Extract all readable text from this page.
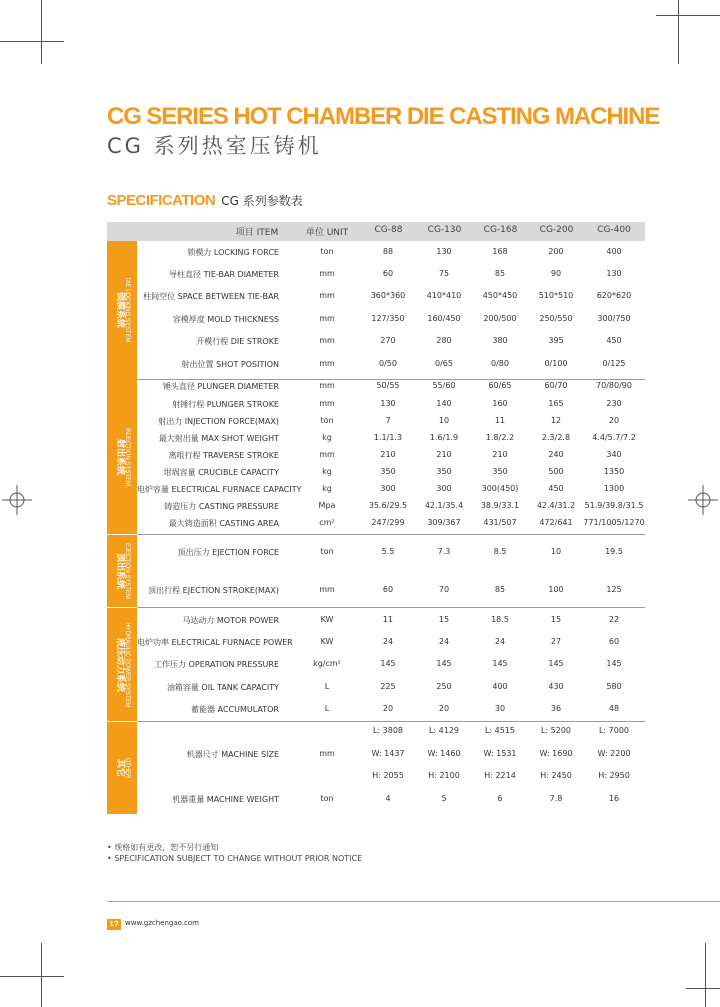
CG SERIES HOT CHAMBER DIE CASTING MACHINE
CG 系列热室压铸机
SPECIFICATION CG 系列参数表
项目 ITEM	单位 UNIT	CG-88	CG-130	CG-168	CG-200	CG-400
DIE LOCKING SYSTEM
锁模系统
INJECTION SYSTEM
射出系统
EJECTION SYSTEM
顶出系统
HYDRAULIC POWER SYSTEM
液压动力系统
OTHER
其它
锁模力 LOCKING FORCE	ton	88	130	168	200	400
导柱直径 TIE-BAR DIAMETER	mm	60	75	85	90	130
柱间空位 SPACE BETWEEN TIE-BAR	mm	360*360	410*410	450*450	510*510	620*620
容模厚度 MOLD THICKNESS	mm	127/350	160/450	200/500	250/550	300/750
开模行程 DIE STROKE	mm	270	280	380	395	450
射出位置 SHOT POSITION	mm	0/50	0/65	0/80	0/100	0/125
锤头直径 PLUNGER DIAMETER	mm	50/55	55/60	60/65	60/70	70/80/90
射锤行程 PLUNGER STROKE	mm	130	140	160	165	230
射出力 INJECTION FORCE(MAX)	ton	7	10	11	12	20
最大射出量 MAX SHOT WEIGHT	kg	1.1/1.3	1.6/1.9	1.8/2.2	2.3/2.8	4.4/5.7/7.2
离咀行程 TRAVERSE STROKE	mm	210	210	210	240	340
坩埚容量 CRUCIBLE CAPACITY	kg	350	350	350	500	1350
电炉容量 ELECTRICAL FURNACE CAPACITY	kg	300	300	300(450)	450	1300
铸造压力 CASTING PRESSURE	Mpa	35.6/29.5	42.1/35.4	38.9/33.1	42.4/31.2	51.9/39.8/31.5
最大铸造面积 CASTING AREA	cm²	247/299	309/367	431/507	472/641	771/1005/1270
顶出压力 EJECTION FORCE	ton	5.5	7.3	8.5	10	19.5
顶出行程 EJECTION STROKE(MAX)	mm	60	70	85	100	125
马达动力 MOTOR POWER	KW	11	15	18.5	15	22
电炉功率 ELECTRICAL FURNACE POWER	KW	24	24	24	27	60
工作压力 OPERATION PRESSURE	kg/cm²	145	145	145	145	145
油箱容量 OIL TANK CAPACITY	L	225	250	400	430	580
蓄能器 ACCUMULATOR	L	20	20	30	36	48
L: 3808	L: 4129	L: 4515	L: 5200	L: 7000
机器尺寸 MACHINE SIZE	mm	W: 1437	W: 1460	W: 1531	W: 1690	W: 2200
H: 2055	H: 2100	H: 2214	H: 2450	H: 2950
机器重量 MACHINE WEIGHT	ton	4	5	6	7.8	16
• 规格如有更改，恕不另行通知
• SPECIFICATION SUBJECT TO CHANGE WITHOUT PRIOR NOTICE
17 www.gzchengao.com
